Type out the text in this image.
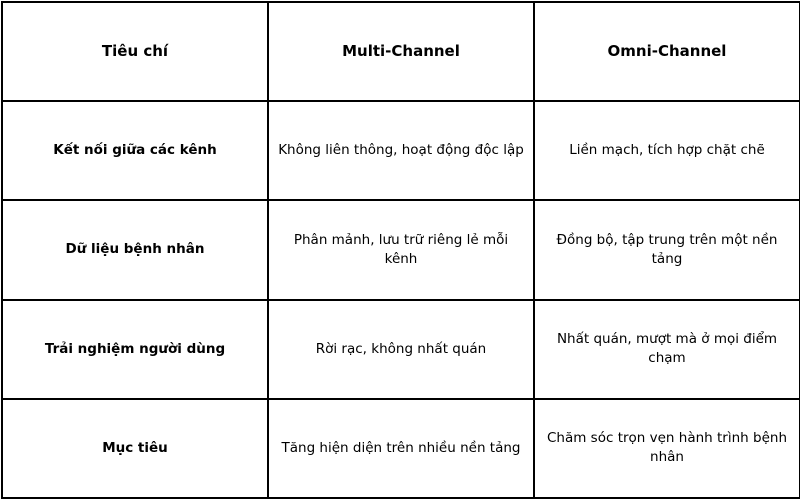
Tiêu chí	Multi-Channel	Omni-Channel
Kết nối giữa các kênh	Không liên thông, hoạt động độc lập	Liền mạch, tích hợp chặt chẽ
Dữ liệu bệnh nhân	Phân mảnh, lưu trữ riêng lẻ mỗi kênh	Đồng bộ, tập trung trên một nền tảng
Trải nghiệm người dùng	Rời rạc, không nhất quán	Nhất quán, mượt mà ở mọi điểm chạm
Mục tiêu	Tăng hiện diện trên nhiều nền tảng	Chăm sóc trọn vẹn hành trình bệnh nhân
